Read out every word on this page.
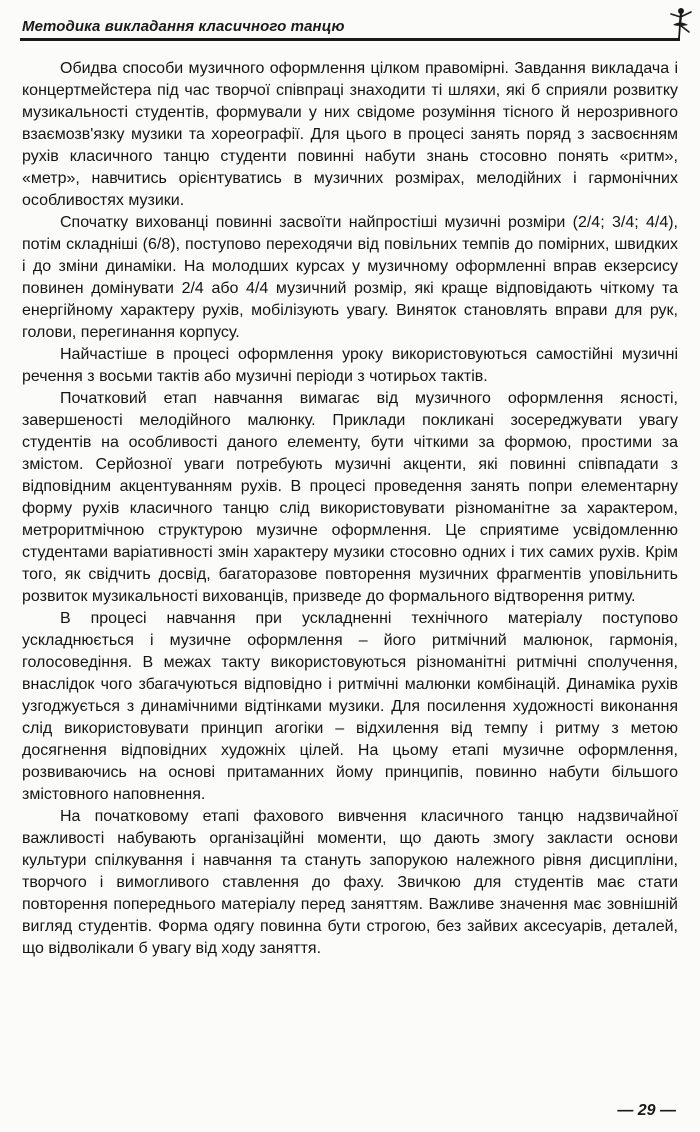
Методика викладання класичного танцю

Обидва способи музичного оформлення цілком правомірні. Завдання викладача і концертмейстера під час творчої співпраці знаходити ті шляхи, які б сприяли розвитку музикальності студентів, формували у них свідоме розуміння тісного й нерозривного взаємозв'язку музики та хореографії. Для цього в процесі занять поряд з засвоєнням рухів класичного танцю студенти повинні набути знань стосовно понять «ритм», «метр», навчитись орієнтуватись в музичних розмірах, мелодійних і гармонічних особливостях музики.

Спочатку вихованці повинні засвоїти найпростіші музичні розміри (2/4; 3/4; 4/4), потім складніші (6/8), поступово переходячи від повільних темпів до помірних, швидких і до зміни динаміки. На молодших курсах у музичному оформленні вправ екзерсису повинен домінувати 2/4 або 4/4 музичний розмір, які краще відповідають чіткому та енергійному характеру рухів, мобілізують увагу. Виняток становлять вправи для рук, голови, перегинання корпусу.

Найчастіше в процесі оформлення уроку використовуються самостійні музичні речення з восьми тактів або музичні періоди з чотирьох тактів.

Початковий етап навчання вимагає від музичного оформлення ясності, завершеності мелодійного малюнку. Приклади покликані зосереджувати увагу студентів на особливості даного елементу, бути чіткими за формою, простими за змістом. Серйозної уваги потребують музичні акценти, які повинні співпадати з відповідним акцентуванням рухів. В процесі проведення занять попри елементарну форму рухів класичного танцю слід використовувати різноманітне за характером, метроритмічною структурою музичне оформлення. Це сприятиме усвідомленню студентами варіативності змін характеру музики стосовно одних і тих самих рухів. Крім того, як свідчить досвід, багаторазове повторення музичних фрагментів уповільнить розвиток музикальності вихованців, призведе до формального відтворення ритму.

В процесі навчання при ускладненні технічного матеріалу поступово ускладнюється і музичне оформлення – його ритмічний малюнок, гармонія, голосоведіння. В межах такту використовуються різноманітні ритмічні сполучення, внаслідок чого збагачуються відповідно і ритмічні малюнки комбінацій. Динаміка рухів узгоджується з динамічними відтінками музики. Для посилення художності виконання слід використовувати принцип агогіки – відхилення від темпу і ритму з метою досягнення відповідних художніх цілей. На цьому етапі музичне оформлення, розвиваючись на основі притаманних йому принципів, повинно набути більшого змістовного наповнення.

На початковому етапі фахового вивчення класичного танцю надзвичайної важливості набувають організаційні моменти, що дають змогу закласти основи культури спілкування і навчання та стануть запорукою належного рівня дисципліни, творчого і вимогливого ставлення до фаху. Звичкою для студентів має стати повторення попереднього матеріалу перед заняттям. Важливе значення має зовнішній вигляд студентів. Форма одягу повинна бути строгою, без зайвих аксесуарів, деталей, що відволікали б увагу від ходу заняття.

— 29 —
